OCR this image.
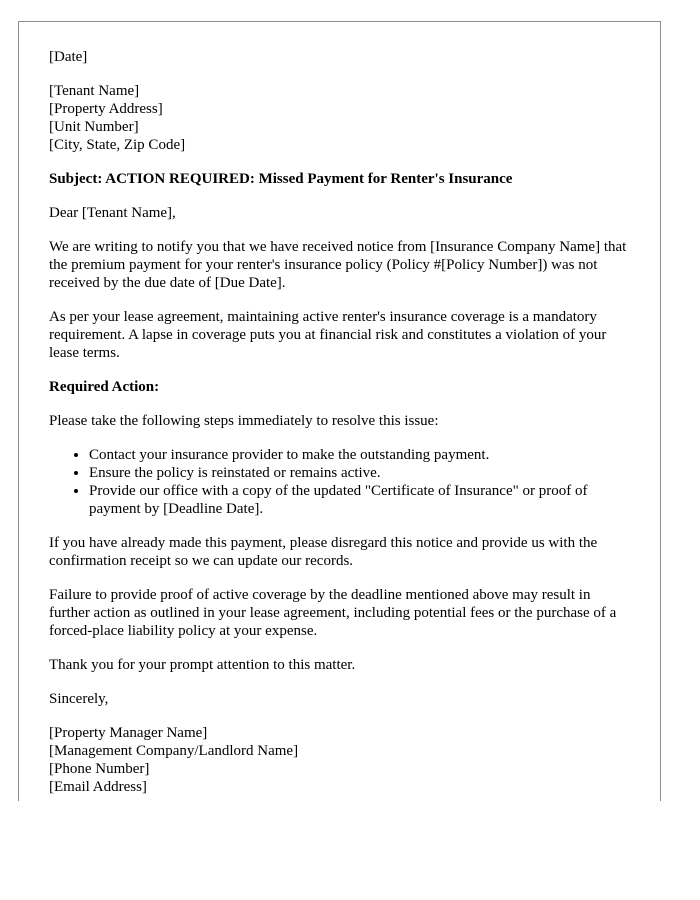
[Date]
[Tenant Name]
[Property Address]
[Unit Number]
[City, State, Zip Code]

Subject: ACTION REQUIRED: Missed Payment for Renter's Insurance

Dear [Tenant Name],

We are writing to notify you that we have received notice from [Insurance Company Name] that the premium payment for your renter's insurance policy (Policy #[Policy Number]) was not received by the due date of [Due Date].

As per your lease agreement, maintaining active renter's insurance coverage is a mandatory requirement. A lapse in coverage puts you at financial risk and constitutes a violation of your lease terms.

Required Action:

Please take the following steps immediately to resolve this issue:

• Contact your insurance provider to make the outstanding payment.
• Ensure the policy is reinstated or remains active.
• Provide our office with a copy of the updated "Certificate of Insurance" or proof of payment by [Deadline Date].

If you have already made this payment, please disregard this notice and provide us with the confirmation receipt so we can update our records.

Failure to provide proof of active coverage by the deadline mentioned above may result in further action as outlined in your lease agreement, including potential fees or the purchase of a forced-place liability policy at your expense.

Thank you for your prompt attention to this matter.

Sincerely,

[Property Manager Name]
[Management Company/Landlord Name]
[Phone Number]
[Email Address]
